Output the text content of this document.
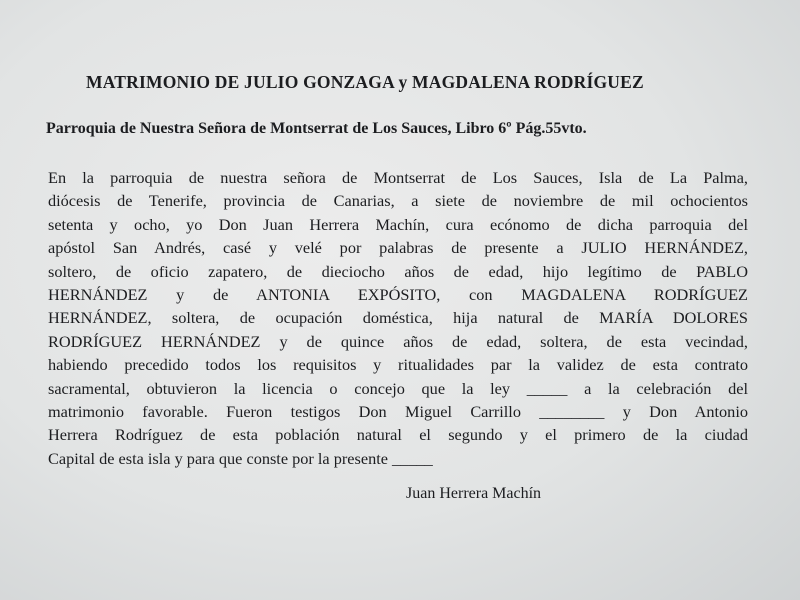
MATRIMONIO DE JULIO GONZAGA y MAGDALENA RODRÍGUEZ
Parroquia de Nuestra Señora de Montserrat de Los Sauces, Libro 6º Pág.55vto.
En la parroquia de nuestra señora de Montserrat de Los Sauces, Isla de La Palma,
diócesis de Tenerife, provincia de Canarias, a siete de noviembre de mil ochocientos
setenta y ocho, yo Don Juan Herrera Machín, cura ecónomo de dicha parroquia del
apóstol San Andrés, casé y velé por palabras de presente a JULIO HERNÁNDEZ,
soltero, de oficio zapatero, de dieciocho años de edad, hijo legítimo de PABLO
HERNÁNDEZ y de ANTONIA EXPÓSITO, con MAGDALENA RODRÍGUEZ
HERNÁNDEZ, soltera, de ocupación doméstica, hija natural de MARÍA DOLORES
RODRÍGUEZ HERNÁNDEZ y de quince años de edad, soltera, de esta vecindad,
habiendo precedido todos los requisitos y ritualidades par la validez de esta contrato
sacramental, obtuvieron la licencia o concejo que la ley _____ a la celebración del
matrimonio favorable. Fueron testigos Don Miguel Carrillo ________ y Don Antonio
Herrera Rodríguez de esta población natural el segundo y el primero de la ciudad
Capital de esta isla y para que conste por la presente _____
Juan Herrera Machín
